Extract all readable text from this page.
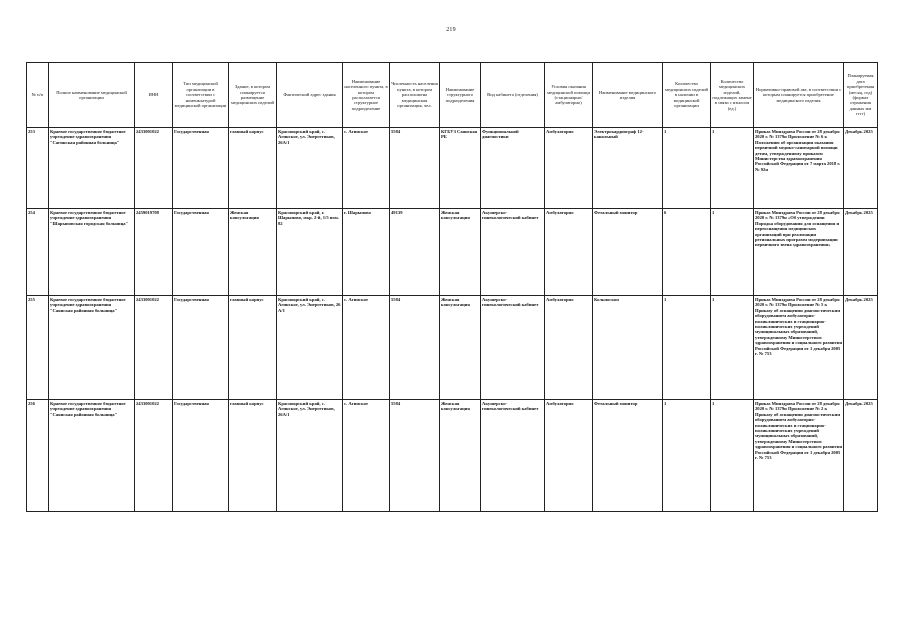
219
№ п/п	Полное наименование медицинской организации	ИНН	Тип медицинской организации в соответствии с номенклатурой медицинской организации	Здание, в котором планируется размещение медицинских изделий	Фактический адрес здания	Наименование населенного пункта, в котором располагается структурное подразделение	Численность населения пункта, в котором расположена медицинская организация, чел.	Наименование структурного подразделения	Вид кабинета (отделения)	Условия оказания медицинской помощи (стационарно/амбулаторно)	Наименование медицинского изделия	Количество медицинских изделий в наличии в медицинской организации	Количество медицинских изделий, подлежащих замене в связи с износом (ед.)	Нормативно-правовой акт, в соответствии с которым планируется приобретение медицинского изделия	Планируемая дата приобретения (месяц, год) (формат отражения данных мм гггг)
253	Краевое государственное бюджетное учреждение здравоохранения "Сагинская районная больница"	2433001022	Государственная	главный корпус	Красноярский край, с. Агинское, ул. Энергетиков, 26А/1	с. Агинское	5584	КГБУЗ Саянская РБ	Функциональной диагностики	Амбулаторно	Электрокардиограф 12-канальный	1	1	Приказ Минздрава России от 28 декабря 2020 г. № 1379н Приложение № 6 к Положению об организации оказания первичной медико-санитарной помощи детям, утвержденному приказом Министерства здравоохранения Российской Федерации от 7 марта 2018 г. № 92н	Декабрь 2025
254	Краевое государственное бюджетное учреждение здравоохранения "Шарыповская городская больница"	2459019708	Государственная	Женская консультация	Красноярский край, г. Шарыпово, мкр. 2-й, 1/5 пом. 82	г. Шарыпово	49139	Женская консультация	Акушерско-гинекологический кабинет	Амбулаторно	Фетальный монитор	6	1	Приказ Минздрава России от 28 декабря 2020 г. № 1379н «Об утверждении Порядка оборудования для оснащения и переоснащения медицинских организаций при реализации региональных программ модернизации первичного звена здравоохранения»	Декабрь 2025
255	Краевое государственное бюджетное учреждение здравоохранения "Саянская районная больница"	2433001022	Государственная	главный корпус	Красноярский край, с. Агинское, ул. Энергетиков, 26 А/1	с. Агинское	5584	Женская консультация	Акушерско-гинекологический кабинет	Амбулаторно	Кольпоскоп	1	1	Приказ Минздрава России от 28 декабря 2020 г. № 1379н Приложение № 5 к Приказу об оснащении диагностическим оборудованием амбулаторно-поликлинических и стационарно-поликлинических учреждений муниципальных образований, утвержденному Министерством здравоохранения и социального развития Российской Федерации от 1 декабря 2005 г. № 753	Декабрь 2025
256	Краевое государственное бюджетное учреждение здравоохранения "Саянская районная больница"	2433001022	Государственная	главный корпус	Красноярский край, с. Агинское, ул. Энергетиков, 26А/1	с. Агинское	5584	Женская консультация	Акушерско-гинекологический кабинет	Амбулаторно	Фетальный монитор	1	1	Приказ Минздрава России от 28 декабря 2020 г. № 1379н Приложение № 2 к Приказу об оснащении диагностическим оборудованием амбулаторно-поликлинических и стационарно-поликлинических учреждений муниципальных образований, утвержденному Министерством здравоохранения и социального развития Российской Федерации от 1 декабря 2005 г. № 753	Декабрь 2025
